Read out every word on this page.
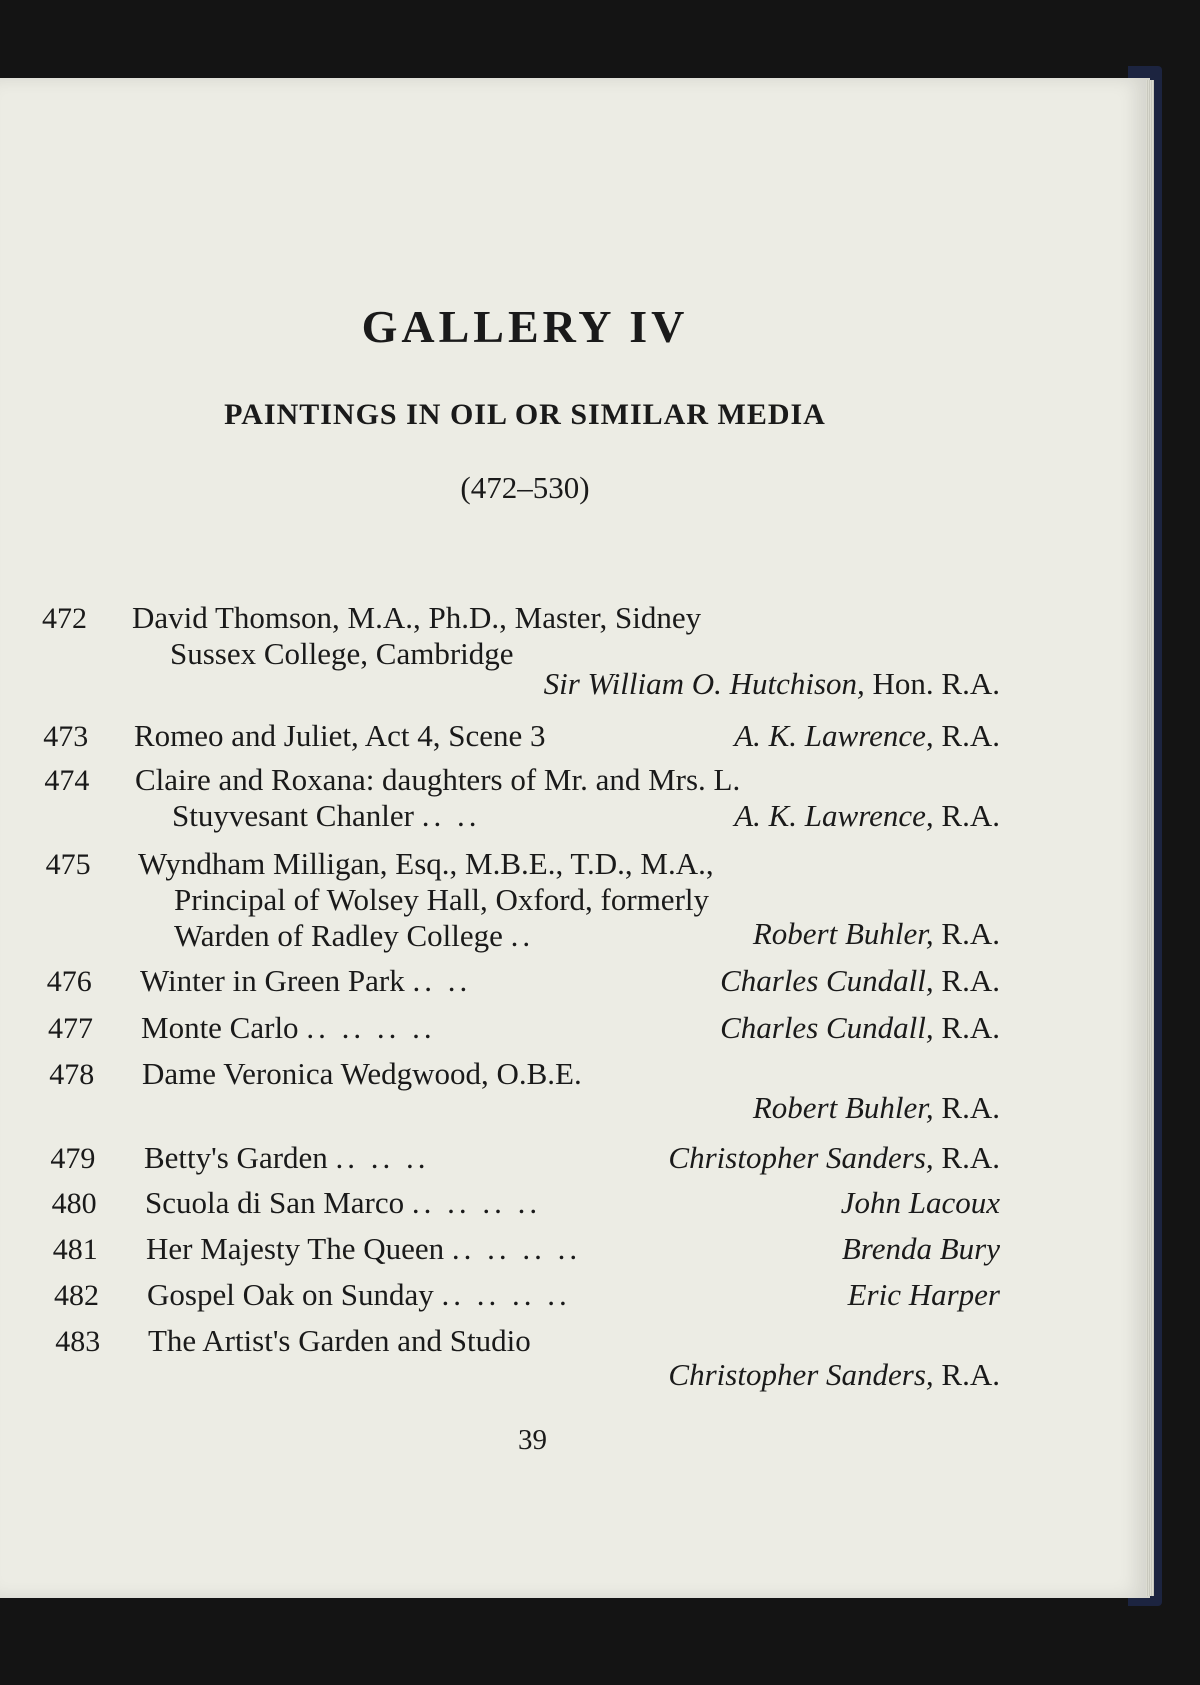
GALLERY IV
PAINTINGS IN OIL OR SIMILAR MEDIA

(472–530)

472 David Thomson, M.A., Ph.D., Master, Sidney
Sussex College, Cambridge
Sir William O. Hutchison, Hon. R.A.
473 Romeo and Juliet, Act 4, Scene 3	A. K. Lawrence, R.A.
474 Claire and Roxana: daughters of Mr. and Mrs. L.
Stuyvesant Chanler .. ..	A. K. Lawrence, R.A.
475 Wyndham Milligan, Esq., M.B.E., T.D., M.A.,
Principal of Wolsey Hall, Oxford, formerly
Warden of Radley College ..	Robert Buhler, R.A.
476 Winter in Green Park .. ..	Charles Cundall, R.A.
477 Monte Carlo .. .. .. ..	Charles Cundall, R.A.
478 Dame Veronica Wedgwood, O.B.E.
Robert Buhler, R.A.
479 Betty's Garden .. .. ..	Christopher Sanders, R.A.
480 Scuola di San Marco .. .. .. ..	John Lacoux
481 Her Majesty The Queen .. .. .. ..	Brenda Bury
482 Gospel Oak on Sunday .. .. .. ..	Eric Harper
483 The Artist's Garden and Studio
Christopher Sanders, R.A.

39
